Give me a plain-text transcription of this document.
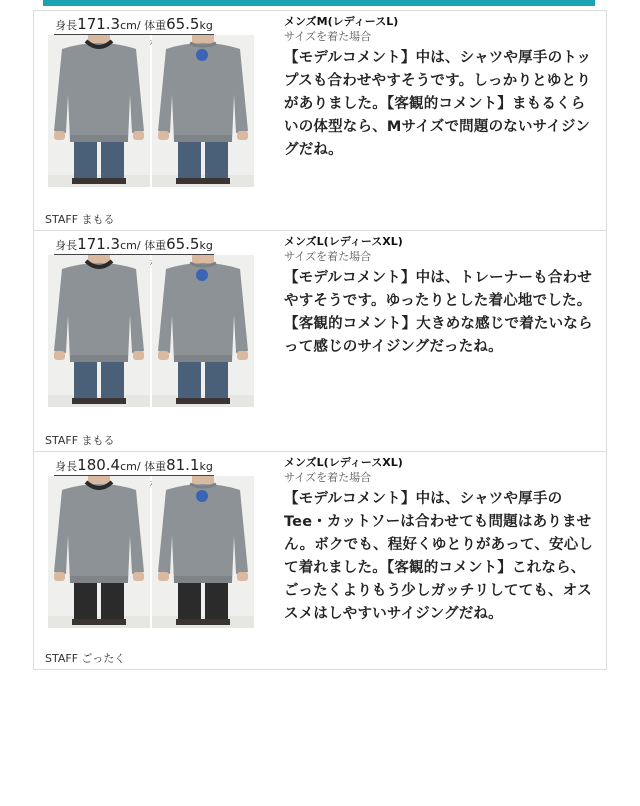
身長171.3cm/ 体重65.5kg
STAFF まもる
メンズM(レディースL)
サイズを着た場合
【モデルコメント】中は、シャツや厚手のトップスも合わせやすそうです。しっかりとゆとりがありました。【客観的コメント】まもるくらいの体型なら、Mサイズで問題のないサイジングだね。
身長171.3cm/ 体重65.5kg
STAFF まもる
メンズL(レディースXL)
サイズを着た場合
【モデルコメント】中は、トレーナーも合わせやすそうです。ゆったりとした着心地でした。【客観的コメント】大きめな感じで着たいならって感じのサイジングだったね。
身長180.4cm/ 体重81.1kg
STAFF ごったく
メンズL(レディースXL)
サイズを着た場合
【モデルコメント】中は、シャツや厚手のTee・カットソーは合わせても問題はありません。ボクでも、程好くゆとりがあって、安心して着れました。【客観的コメント】これなら、ごったくよりもう少しガッチリしてても、オススメはしやすいサイジングだね。
